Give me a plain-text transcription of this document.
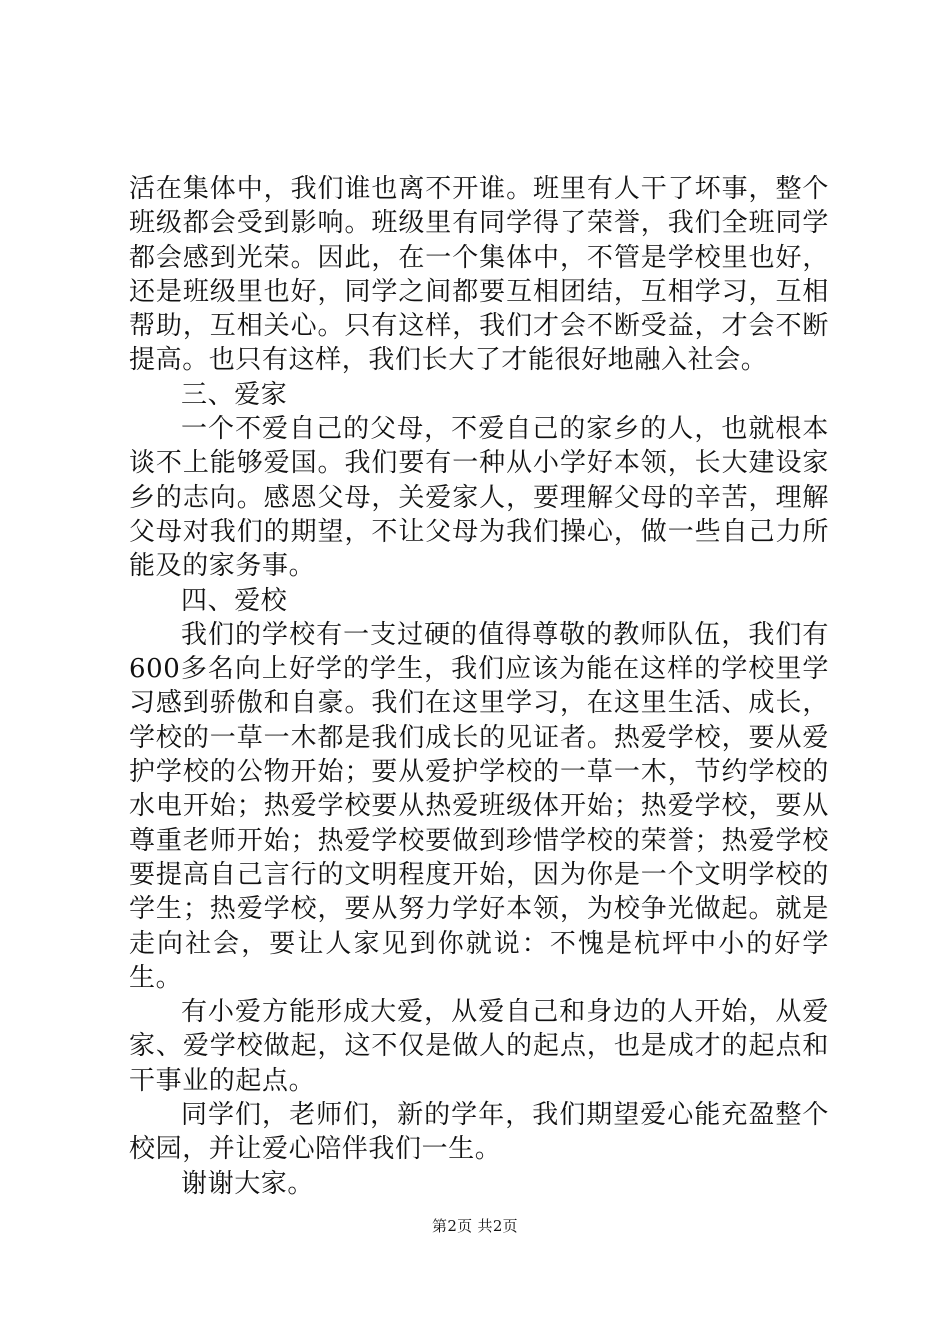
活在集体中，我们谁也离不开谁。班里有人干了坏事，整个班级都会受到影响。班级里有同学得了荣誉，我们全班同学都会感到光荣。因此，在一个集体中，不管是学校里也好，还是班级里也好，同学之间都要互相团结，互相学习，互相帮助，互相关心。只有这样，我们才会不断受益，才会不断提高。也只有这样，我们长大了才能很好地融入社会。

三、爱家

一个不爱自己的父母，不爱自己的家乡的人，也就根本谈不上能够爱国。我们要有一种从小学好本领，长大建设家乡的志向。感恩父母，关爱家人，要理解父母的辛苦，理解父母对我们的期望，不让父母为我们操心，做一些自己力所能及的家务事。

四、爱校

我们的学校有一支过硬的值得尊敬的教师队伍，我们有600多名向上好学的学生，我们应该为能在这样的学校里学习感到骄傲和自豪。我们在这里学习，在这里生活、成长，学校的一草一木都是我们成长的见证者。热爱学校，要从爱护学校的公物开始；要从爱护学校的一草一木，节约学校的水电开始；热爱学校要从热爱班级体开始；热爱学校，要从尊重老师开始；热爱学校要做到珍惜学校的荣誉；热爱学校要提高自己言行的文明程度开始，因为你是一个文明学校的学生；热爱学校，要从努力学好本领，为校争光做起。就是走向社会，要让人家见到你就说：不愧是杭坪中小的好学生。

有小爱方能形成大爱，从爱自己和身边的人开始，从爱家、爱学校做起，这不仅是做人的起点，也是成才的起点和干事业的起点。

同学们，老师们，新的学年，我们期望爱心能充盈整个校园，并让爱心陪伴我们一生。

谢谢大家。

第2页 共2页
